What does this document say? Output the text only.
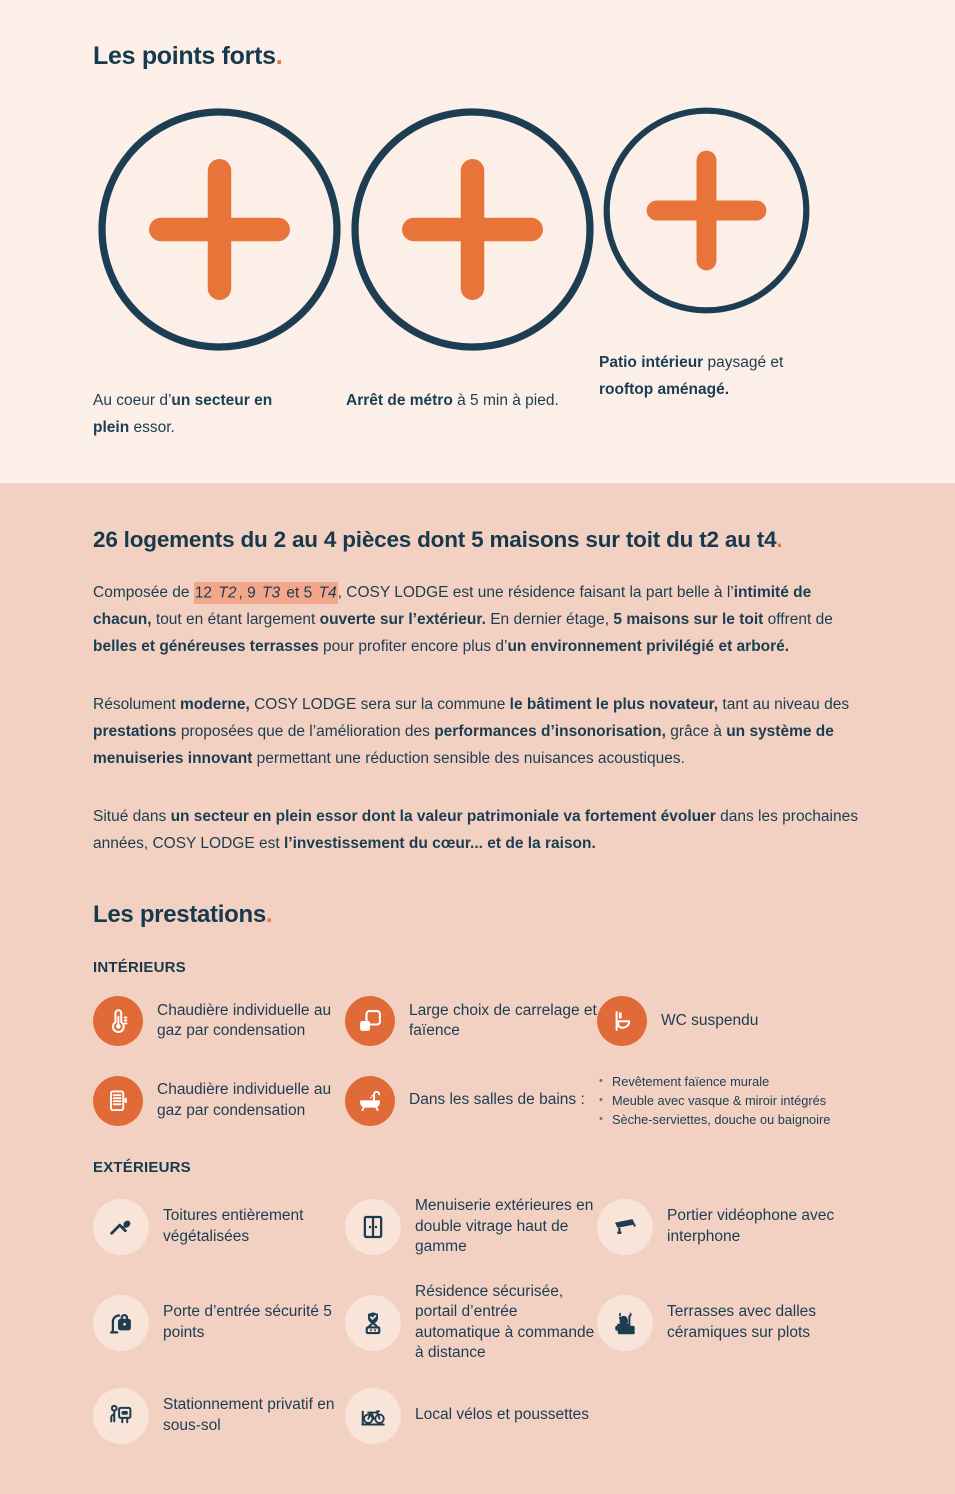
Les points forts.

Au coeur d’un secteur en plein essor.

Arrêt de métro à 5 min à pied.

Patio intérieur paysagé et rooftop aménagé.

26 logements du 2 au 4 pièces dont 5 maisons sur toit du t2 au t4.

Composée de 12 T2 , 9 T3 et 5 T4, COSY LODGE est une résidence faisant la part belle à l’intimité de chacun, tout en étant largement ouverte sur l’extérieur. En dernier étage, 5 maisons sur le toit offrent de belles et généreuses terrasses pour profiter encore plus d’un environnement privilégié et arboré.

Résolument moderne, COSY LODGE sera sur la commune le bâtiment le plus novateur, tant au niveau des prestations proposées que de l’amélioration des performances d’insonorisation, grâce à un système de menuiseries innovant permettant une réduction sensible des nuisances acoustiques.

Situé dans un secteur en plein essor dont la valeur patrimoniale va fortement évoluer dans les prochaines années, COSY LODGE est l’investissement du cœur... et de la raison.

Les prestations.
INTÉRIEURS

Chaudière individuelle au gaz par condensation

Large choix de carrelage et faïence

WC suspendu

Chaudière individuelle au gaz par condensation

Dans les salles de bains :

• Revêtement faïence murale
• Meuble avec vasque & miroir intégrés
• Sèche-serviettes, douche ou baignoire
EXTÉRIEURS

Toitures entièrement végétalisées

Menuiserie extérieures en double vitrage haut de gamme

Portier vidéophone avec interphone

Porte d’entrée sécurité 5 points

Résidence sécurisée, portail d’entrée automatique à commande à distance

Terrasses avec dalles céramiques sur plots

Stationnement privatif en sous-sol

Local vélos et poussettes
